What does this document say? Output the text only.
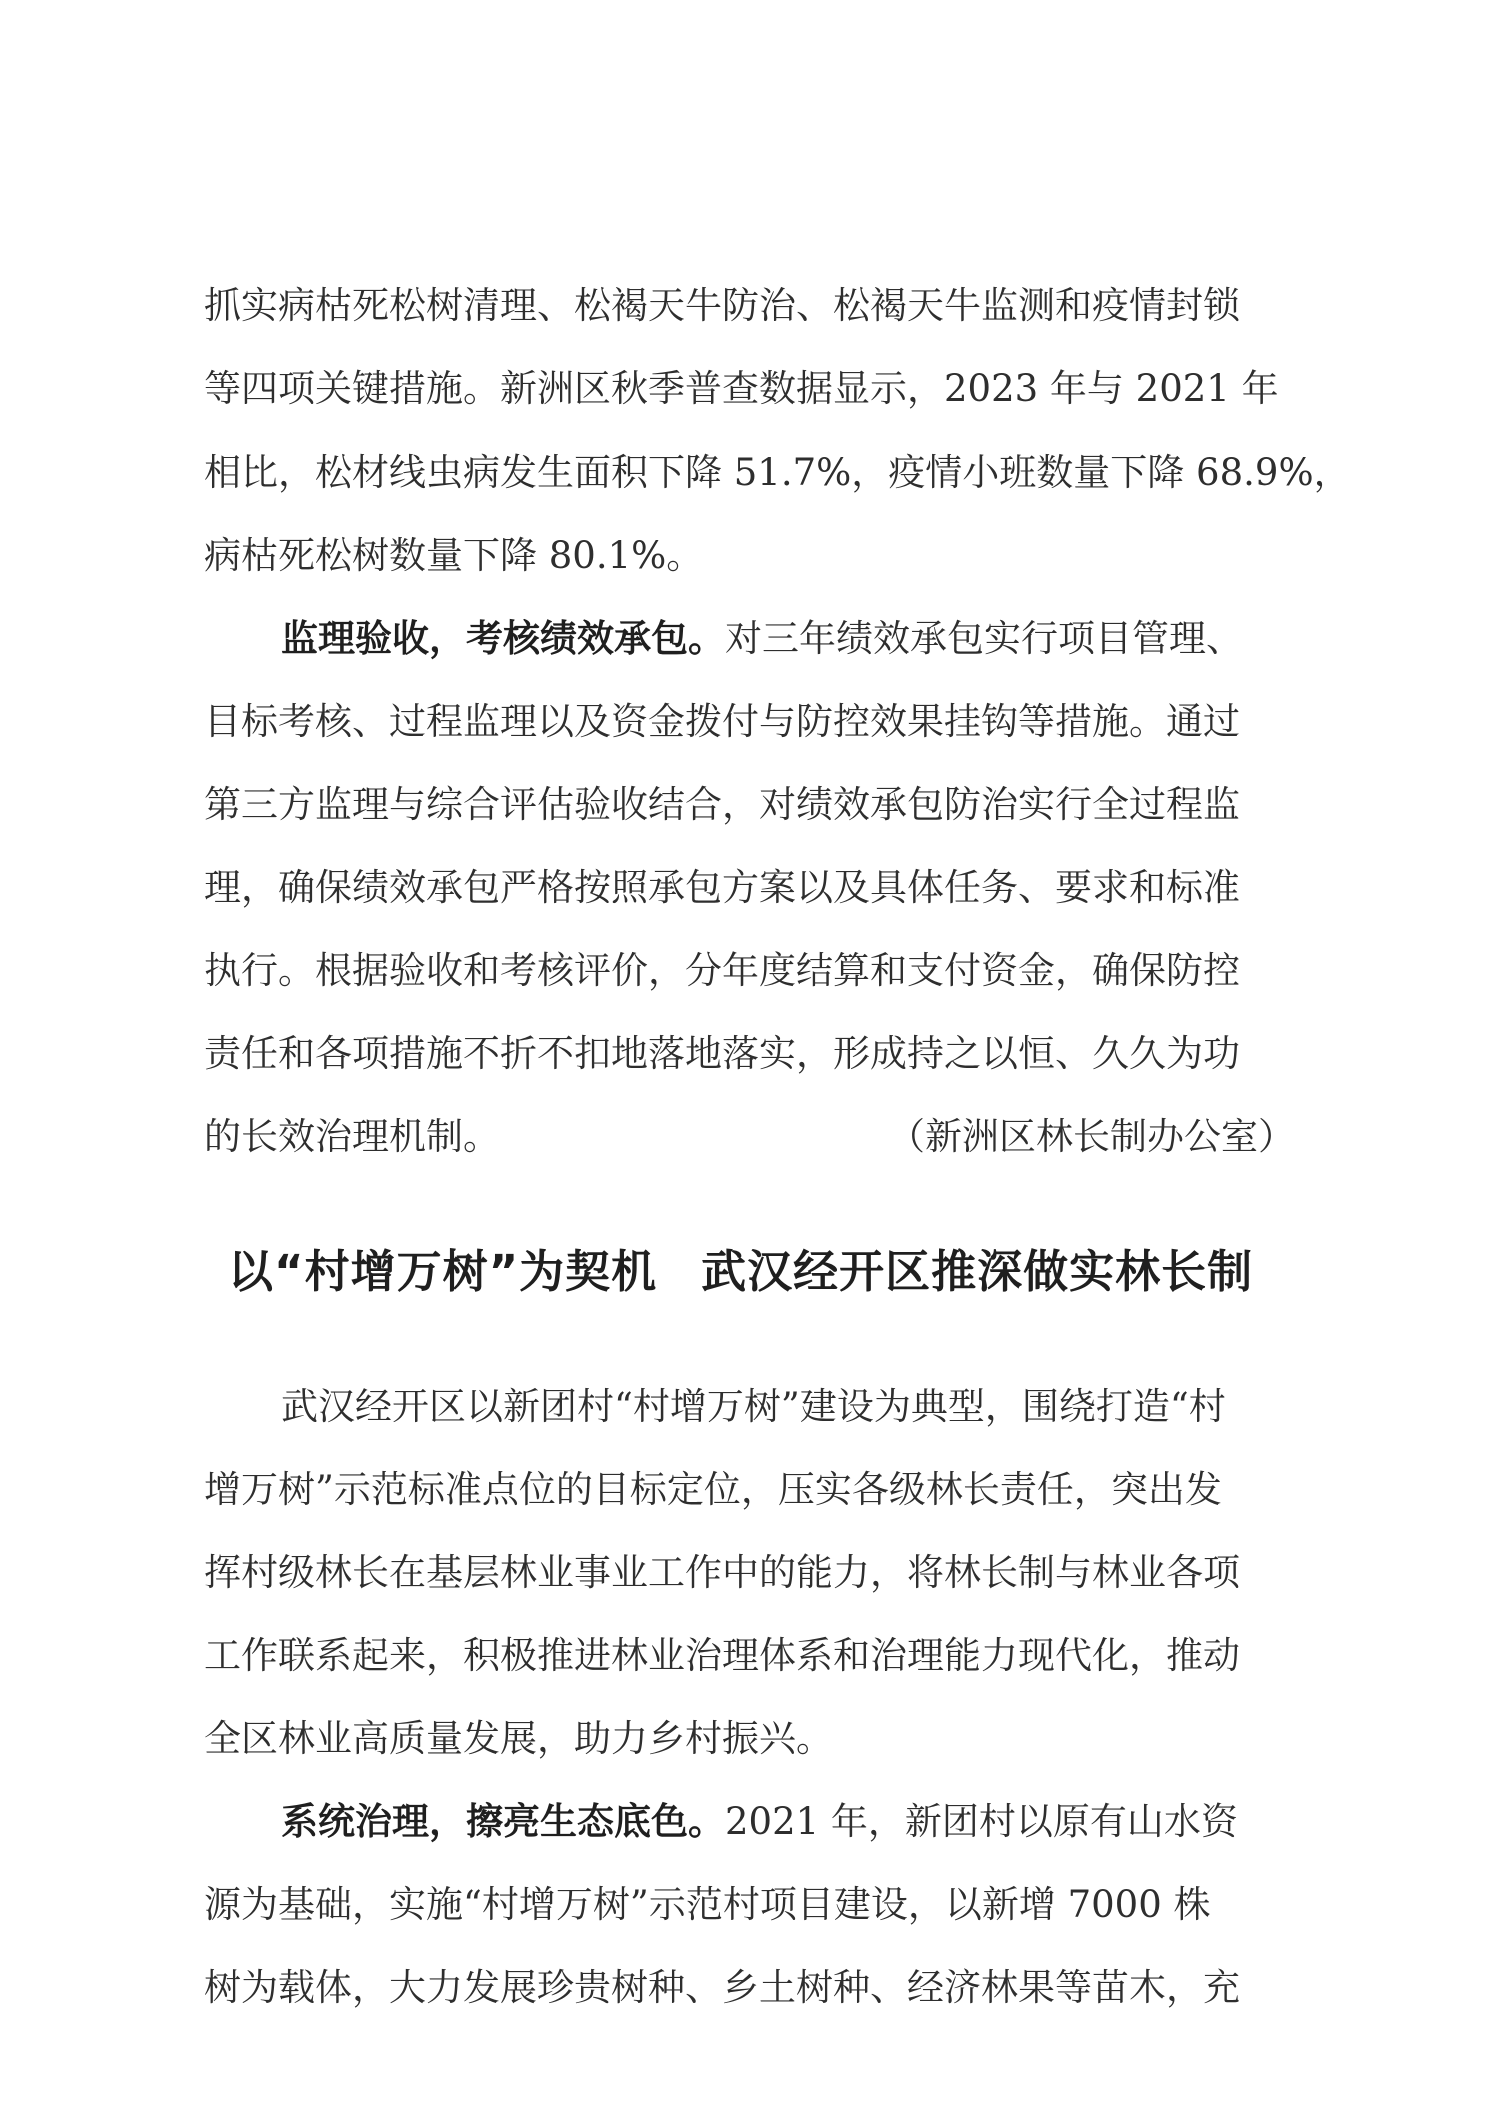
抓实病枯死松树清理、松褐天牛防治、松褐天牛监测和疫情封锁
等四项关键措施。新洲区秋季普查数据显示，2023 年与 2021 年
相比，松材线虫病发生面积下降 51.7%，疫情小班数量下降 68.9%，
病枯死松树数量下降 80.1%。
监理验收，考核绩效承包。对三年绩效承包实行项目管理、
目标考核、过程监理以及资金拨付与防控效果挂钩等措施。通过
第三方监理与综合评估验收结合，对绩效承包防治实行全过程监
理，确保绩效承包严格按照承包方案以及具体任务、要求和标准
执行。根据验收和考核评价，分年度结算和支付资金，确保防控
责任和各项措施不折不扣地落地落实，形成持之以恒、久久为功
的长效治理机制。	（新洲区林长制办公室）
以“村增万树”为契机 武汉经开区推深做实林长制
武汉经开区以新团村“村增万树”建设为典型，围绕打造“村
增万树”示范标准点位的目标定位，压实各级林长责任，突出发
挥村级林长在基层林业事业工作中的能力，将林长制与林业各项
工作联系起来，积极推进林业治理体系和治理能力现代化，推动
全区林业高质量发展，助力乡村振兴。
系统治理，擦亮生态底色。2021 年，新团村以原有山水资
源为基础，实施“村增万树”示范村项目建设，以新增 7000 株
树为载体，大力发展珍贵树种、乡土树种、经济林果等苗木，充
